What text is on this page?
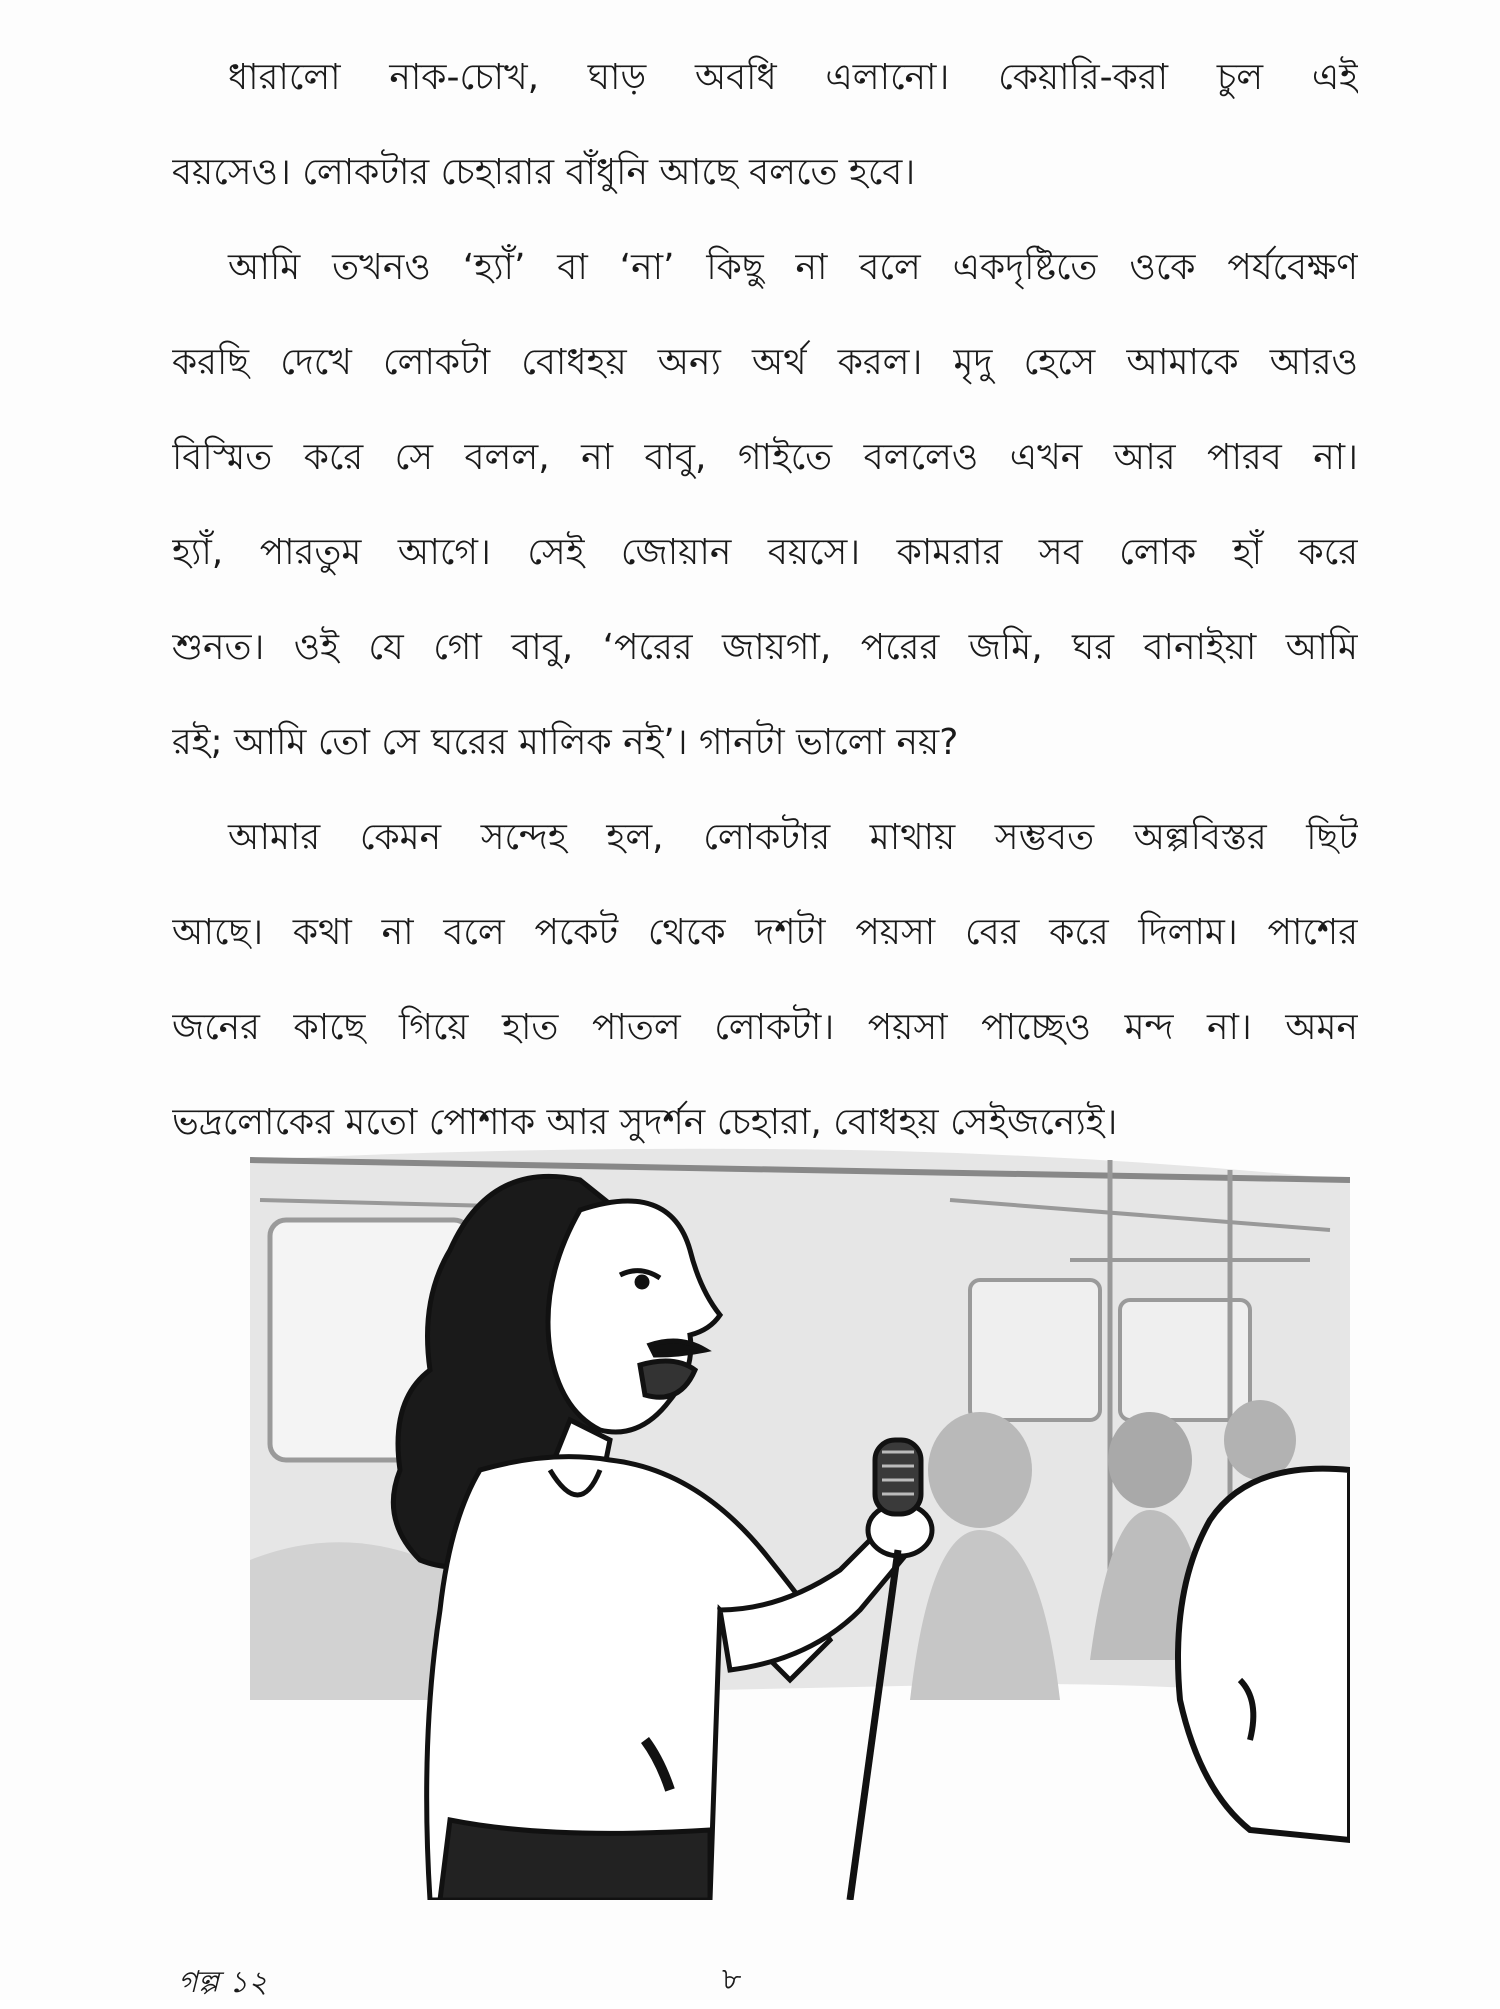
ধারালো নাক-চোখ, ঘাড় অবধি এলানো। কেয়ারি-করা চুল এই
বয়সেও। লোকটার চেহারার বাঁধুনি আছে বলতে হবে।

আমি তখনও ‘হ্যাঁ’ বা ‘না’ কিছু না বলে একদৃষ্টিতে ওকে পর্যবেক্ষণ
করছি দেখে লোকটা বোধহয় অন্য অর্থ করল। মৃদু হেসে আমাকে আরও
বিস্মিত করে সে বলল, না বাবু, গাইতে বললেও এখন আর পারব না।
হ্যাঁ, পারতুম আগে। সেই জোয়ান বয়সে। কামরার সব লোক হাঁ করে
শুনত। ওই যে গো বাবু, ‘পরের জায়গা, পরের জমি, ঘর বানাইয়া আমি
রই; আমি তো সে ঘরের মালিক নই’। গানটা ভালো নয়?

আমার কেমন সন্দেহ হল, লোকটার মাথায় সম্ভবত অল্পবিস্তর ছিট
আছে। কথা না বলে পকেট থেকে দশটা পয়সা বের করে দিলাম। পাশের
জনের কাছে গিয়ে হাত পাতল লোকটা। পয়সা পাচ্ছেও মন্দ না। অমন
ভদ্রলোকের মতো পোশাক আর সুদর্শন চেহারা, বোধহয় সেইজন্যেই।

গল্প ১২	৮
